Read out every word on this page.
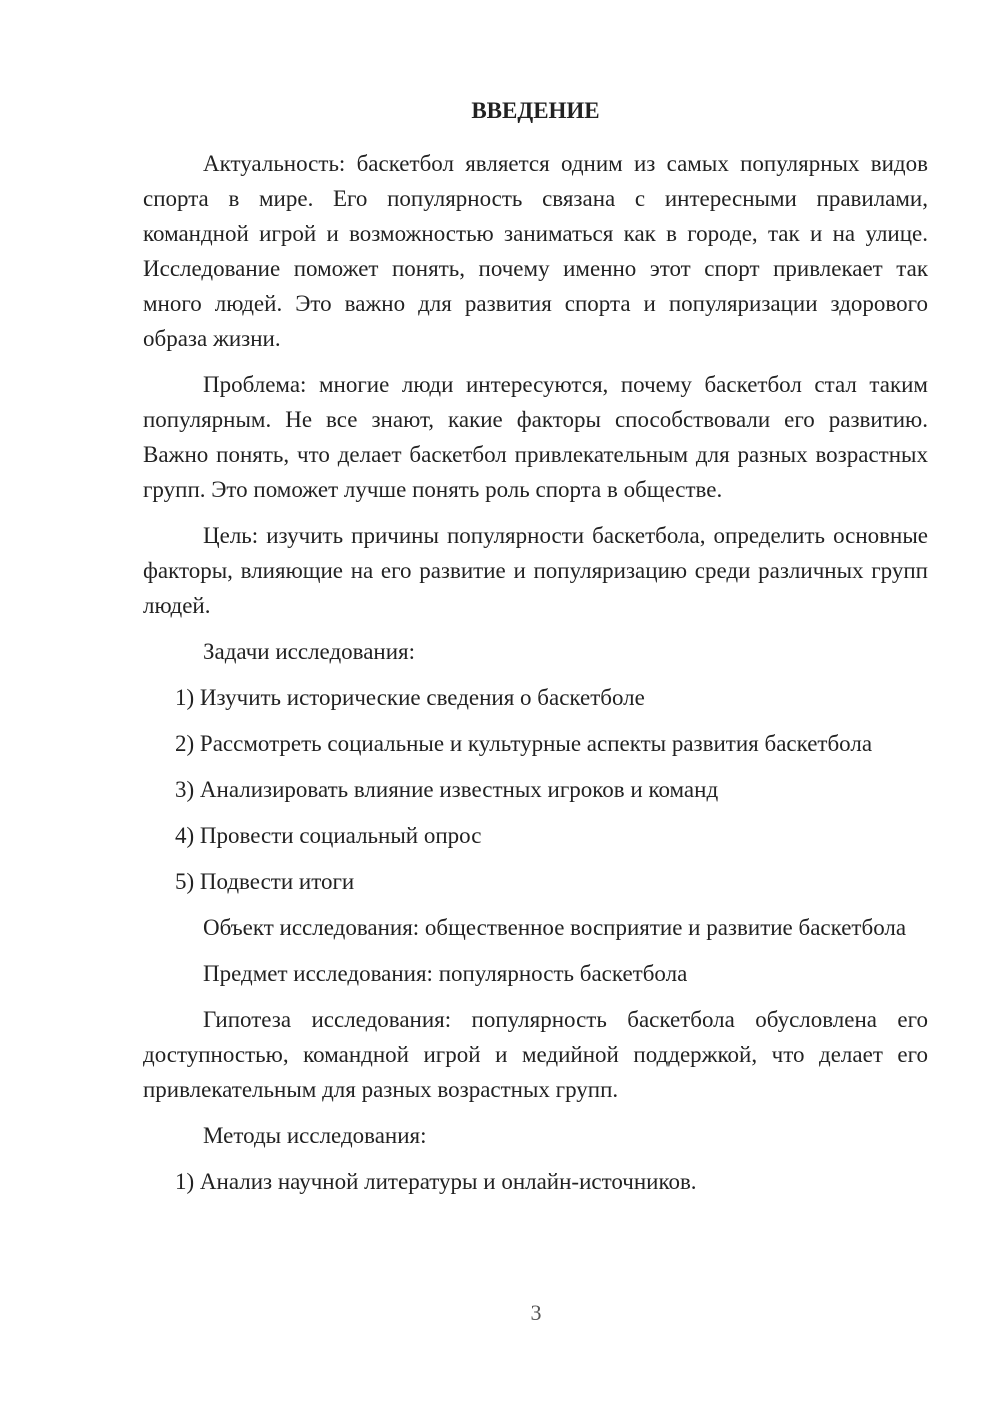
ВВЕДЕНИЕ

Актуальность: баскетбол является одним из самых популярных видов спорта в мире. Его популярность связана с интересными правилами, командной игрой и возможностью заниматься как в городе, так и на улице. Исследование поможет понять, почему именно этот спорт привлекает так много людей. Это важно для развития спорта и популяризации здорового образа жизни.

Проблема: многие люди интересуются, почему баскетбол стал таким популярным. Не все знают, какие факторы способствовали его развитию. Важно понять, что делает баскетбол привлекательным для разных возрастных групп. Это поможет лучше понять роль спорта в обществе.

Цель: изучить причины популярности баскетбола, определить основные факторы, влияющие на его развитие и популяризацию среди различных групп людей.

Задачи исследования:

1) Изучить исторические сведения о баскетболе

2) Рассмотреть социальные и культурные аспекты развития баскетбола

3) Анализировать влияние известных игроков и команд

4) Провести социальный опрос

5) Подвести итоги

Объект исследования: общественное восприятие и развитие баскетбола

Предмет исследования: популярность баскетбола

Гипотеза исследования: популярность баскетбола обусловлена его доступностью, командной игрой и медийной поддержкой, что делает его привлекательным для разных возрастных групп.

Методы исследования:

1) Анализ научной литературы и онлайн-источников.

3
